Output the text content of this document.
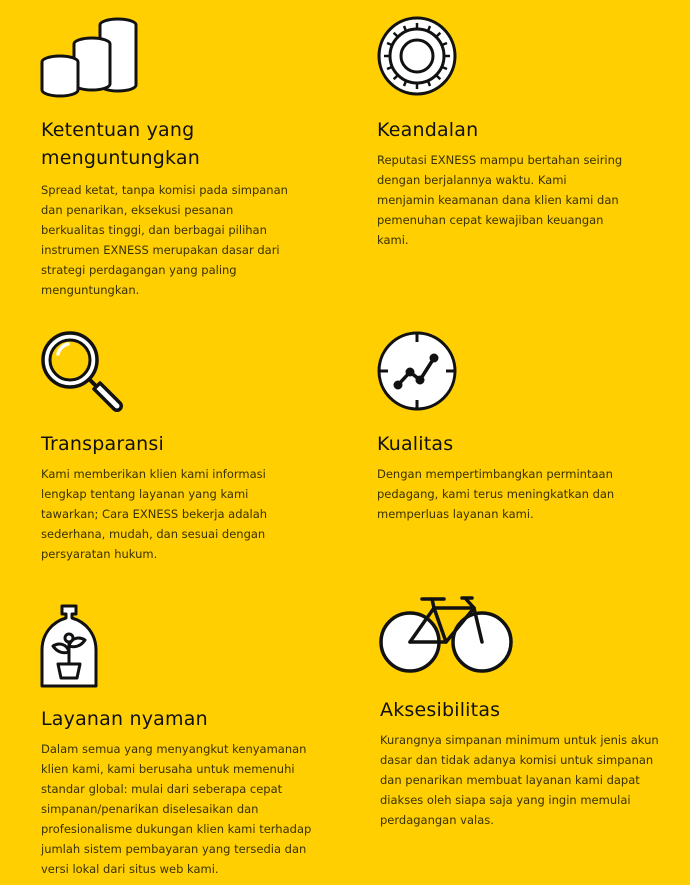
Ketentuan yang menguntungkan

Spread ketat, tanpa komisi pada simpanan dan penarikan, eksekusi pesanan berkualitas tinggi, dan berbagai pilihan instrumen EXNESS merupakan dasar dari strategi perdagangan yang paling menguntungkan.

Keandalan

Reputasi EXNESS mampu bertahan seiring dengan berjalannya waktu. Kami menjamin keamanan dana klien kami dan pemenuhan cepat kewajiban keuangan kami.

Transparansi

Kami memberikan klien kami informasi lengkap tentang layanan yang kami tawarkan; Cara EXNESS bekerja adalah sederhana, mudah, dan sesuai dengan persyaratan hukum.

Kualitas

Dengan mempertimbangkan permintaan pedagang, kami terus meningkatkan dan memperluas layanan kami.

Layanan nyaman

Dalam semua yang menyangkut kenyamanan klien kami, kami berusaha untuk memenuhi standar global: mulai dari seberapa cepat simpanan/penarikan diselesaikan dan profesionalisme dukungan klien kami terhadap jumlah sistem pembayaran yang tersedia dan versi lokal dari situs web kami.

Aksesibilitas

Kurangnya simpanan minimum untuk jenis akun dasar dan tidak adanya komisi untuk simpanan dan penarikan membuat layanan kami dapat diakses oleh siapa saja yang ingin memulai perdagangan valas.
